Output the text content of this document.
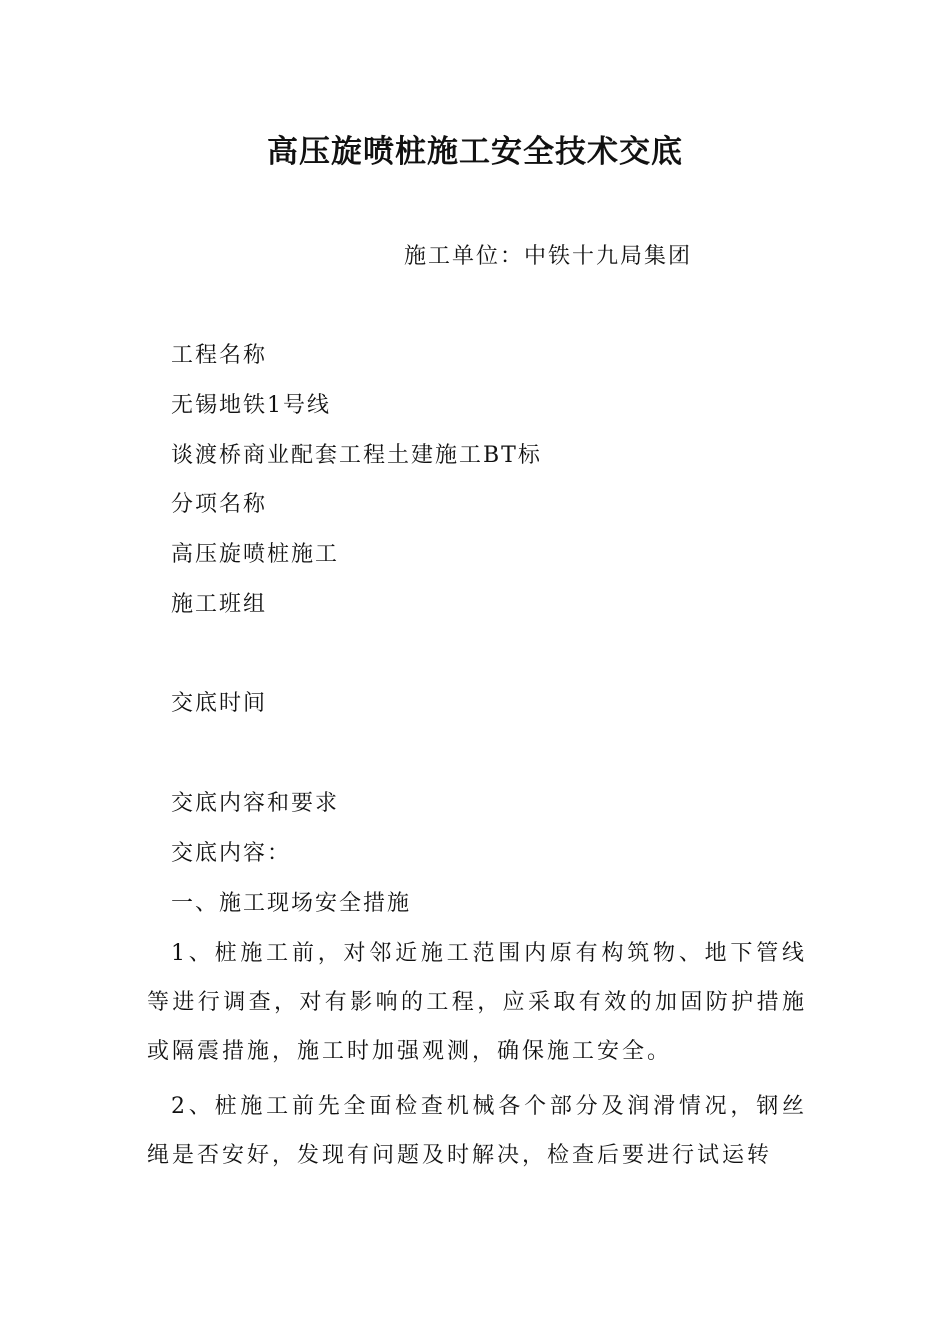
高压旋喷桩施工安全技术交底
施工单位：中铁十九局集团
工程名称
无锡地铁1号线
谈渡桥商业配套工程土建施工BT标
分项名称
高压旋喷桩施工
施工班组
交底时间
交底内容和要求
交底内容：
一、施工现场安全措施
1、桩施工前，对邻近施工范围内原有构筑物、地下管线等进行调查，对有影响的工程，应采取有效的加固防护措施或隔震措施，施工时加强观测，确保施工安全。
2、桩施工前先全面检查机械各个部分及润滑情况，钢丝绳是否安好，发现有问题及时解决，检查后要进行试运转
